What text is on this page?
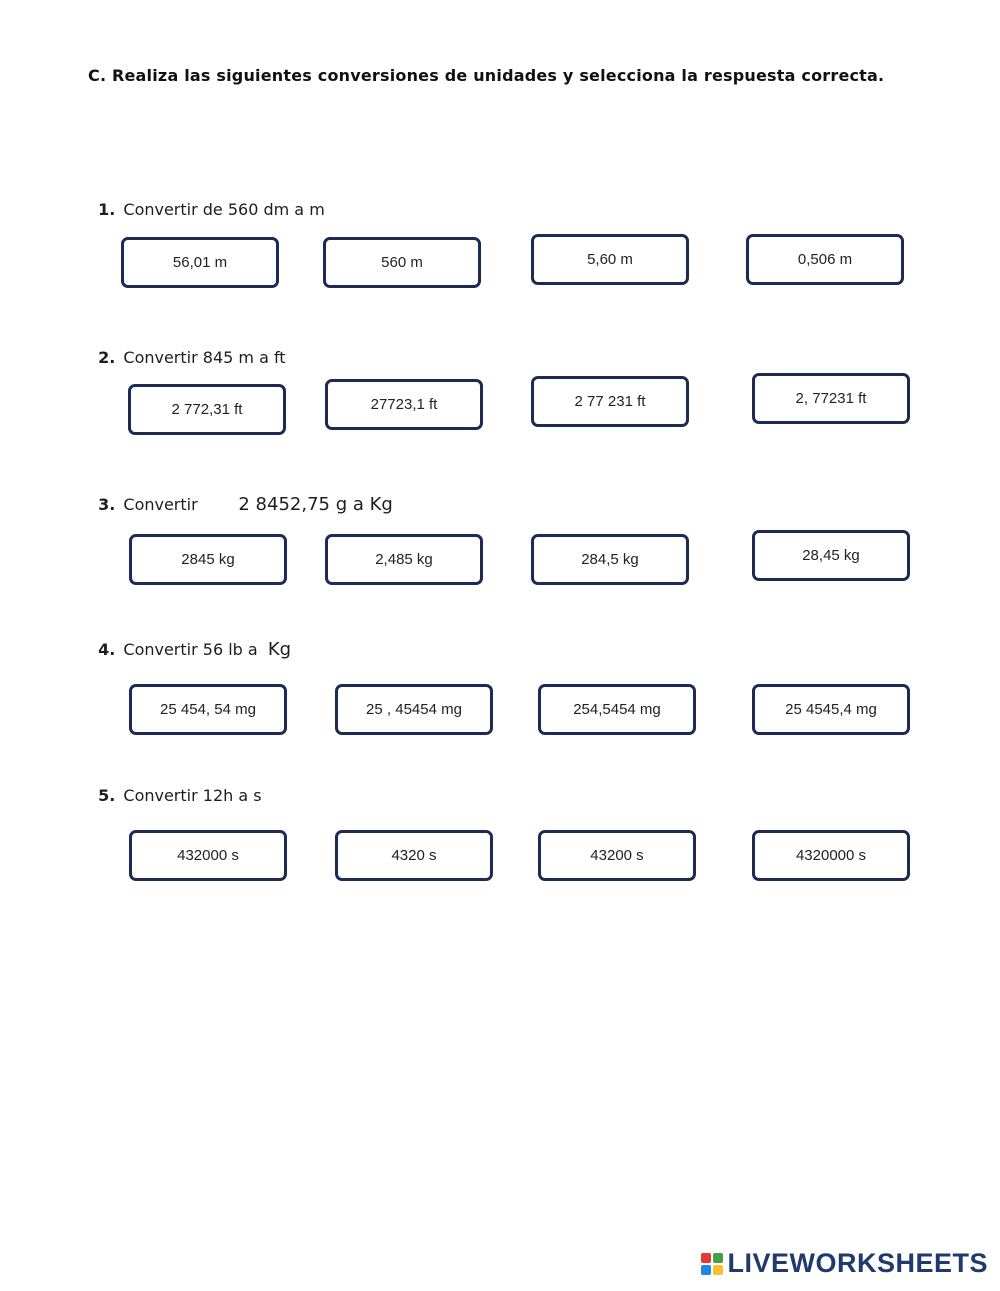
C. Realiza las siguientes conversiones de unidades y selecciona la respuesta correcta.

1. Convertir de 560 dm a m

56,01 m	560 m	5,60 m	0,506 m

2. Convertir 845 m a ft

2 772,31 ft	27723,1 ft	2 77 231 ft	2, 77231 ft

3. Convertir        2 8452,75 g a Kg

2845 kg	2,485 kg	284,5 kg	28,45 kg

4. Convertir 56 lb a  Kg

25 454, 54 mg	25 , 45454 mg	254,5454 mg	25 4545,4 mg

5. Convertir 12h a s

432000 s	4320 s	43200 s	4320000 s
LIVEWORKSHEETS
